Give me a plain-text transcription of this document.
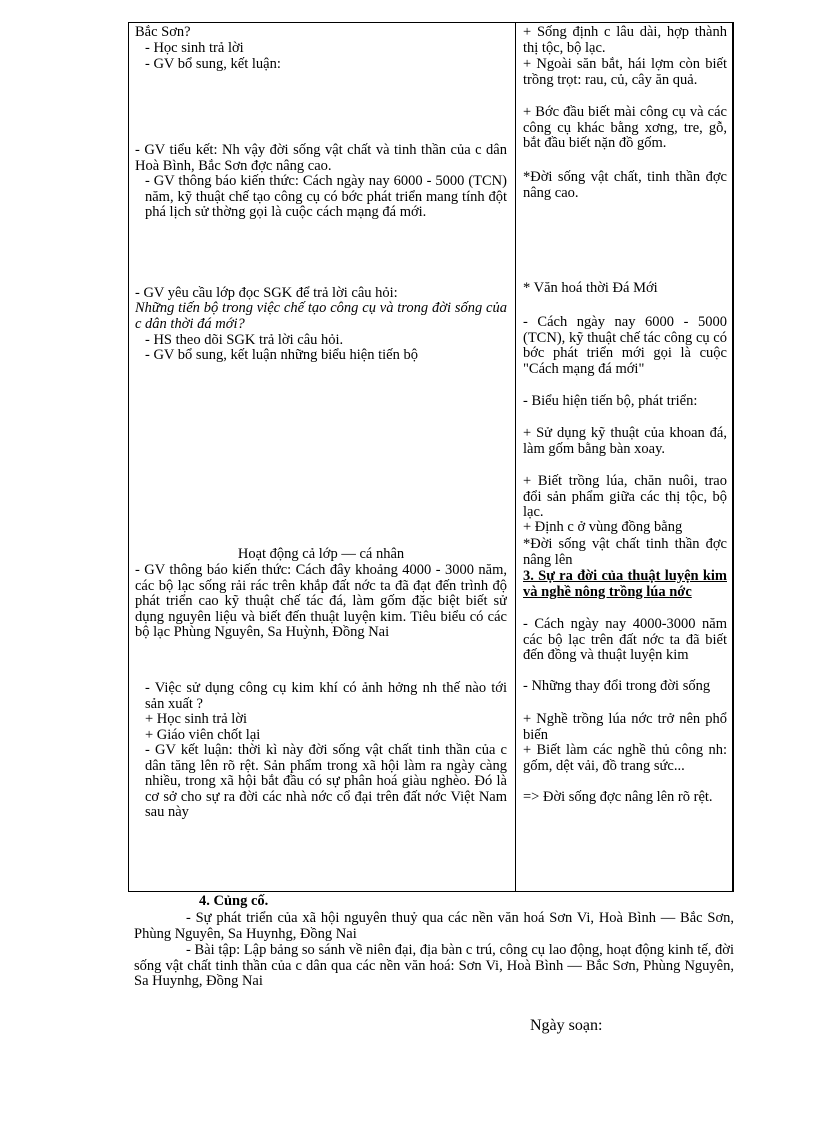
Bắc Sơn?
- Học sinh trả lời
- GV bổ sung, kết luận:
- GV tiểu kết: Nh vậy đời sống vật chất và tinh thần của c dân Hoà Bình, Bắc Sơn đợc nâng cao.
- GV thông báo kiến thức: Cách ngày nay 6000 - 5000 (TCN) năm, kỹ thuật chế tạo công cụ có bớc phát triển mang tính đột phá lịch sử thờng gọi là cuộc cách mạng đá mới.
- GV yêu cầu lớp đọc SGK để trả lời câu hỏi:
Những tiến bộ trong việc chế tạo công cụ và trong đời sống của c dân thời đá mới?
- HS theo dõi SGK trả lời câu hỏi.
- GV bổ sung, kết luận những biểu hiện tiến bộ
Hoạt động cả lớp — cá nhân
- GV thông báo kiến thức: Cách đây khoảng 4000 - 3000 năm, các bộ lạc sống rải rác trên khắp đất nớc ta đã đạt đến trình độ phát triển cao kỹ thuật chế tác đá, làm gốm đặc biệt biết sử dụng nguyên liệu và biết đến thuật luyện kim. Tiêu biểu có các bộ lạc Phùng Nguyên, Sa Huỳnh, Đồng Nai
- Việc sử dụng công cụ kim khí có ảnh hởng nh thế nào tới sản xuất ?
+ Học sinh trả lời
+ Giáo viên chốt lại
- GV kết luận: thời kì này đời sống vật chất tinh thần của c dân tăng lên rõ rệt. Sản phẩm trong xã hội làm ra ngày càng nhiều, trong xã hội bắt đầu có sự phân hoá giàu nghèo. Đó là cơ sở cho sự ra đời các nhà nớc cổ đại trên đất nớc Việt Nam sau này
+ Sống định c lâu dài, hợp thành thị tộc, bộ lạc.
+ Ngoài săn bắt, hái lợm còn biết trồng trọt: rau, củ, cây ăn quả.
+ Bớc đầu biết mài công cụ và các công cụ khác bằng xơng, tre, gỗ, bắt đầu biết nặn đồ gốm.
*Đời sống vật chất, tinh thần đợc nâng cao.
* Văn hoá thời Đá Mới
- Cách ngày nay 6000 - 5000 (TCN), kỹ thuật chế tác công cụ có bớc phát triển mới gọi là cuộc "Cách mạng đá mới"
- Biểu hiện tiến bộ, phát triển:
+ Sử dụng kỹ thuật của khoan đá, làm gốm bằng bàn xoay.
+ Biết trồng lúa, chăn nuôi, trao đổi sản phẩm giữa các thị tộc, bộ lạc.
+ Định c ở vùng đồng bằng
*Đời sống vật chất tinh thần đợc nâng lên
3. Sự ra đời của thuật luyện kim và nghề nông trồng lúa nớc
- Cách ngày nay 4000-3000 năm các bộ lạc trên đất nớc ta đã biết đến đồng và thuật luyện kim
- Những thay đổi trong đời sống
+ Nghề trồng lúa nớc trở nên phổ biến
+ Biết làm các nghề thủ công nh: gốm, dệt vải, đồ trang sức...
=> Đời sống đợc nâng lên rõ rệt.
4. Củng cố.
- Sự phát triển của xã hội nguyên thuỷ qua các nền văn hoá Sơn Vi, Hoà Bình — Bắc Sơn, Phùng Nguyên, Sa Huynhg, Đồng Nai
- Bài tập: Lập bảng so sánh về niên đại, địa bàn c trú, công cụ lao động, hoạt động kinh tế, đời sống vật chất tinh thần của c dân qua các nền văn hoá: Sơn Vi, Hoà Bình — Bắc Sơn, Phùng Nguyên, Sa Huynhg, Đồng Nai
Ngày soạn:
